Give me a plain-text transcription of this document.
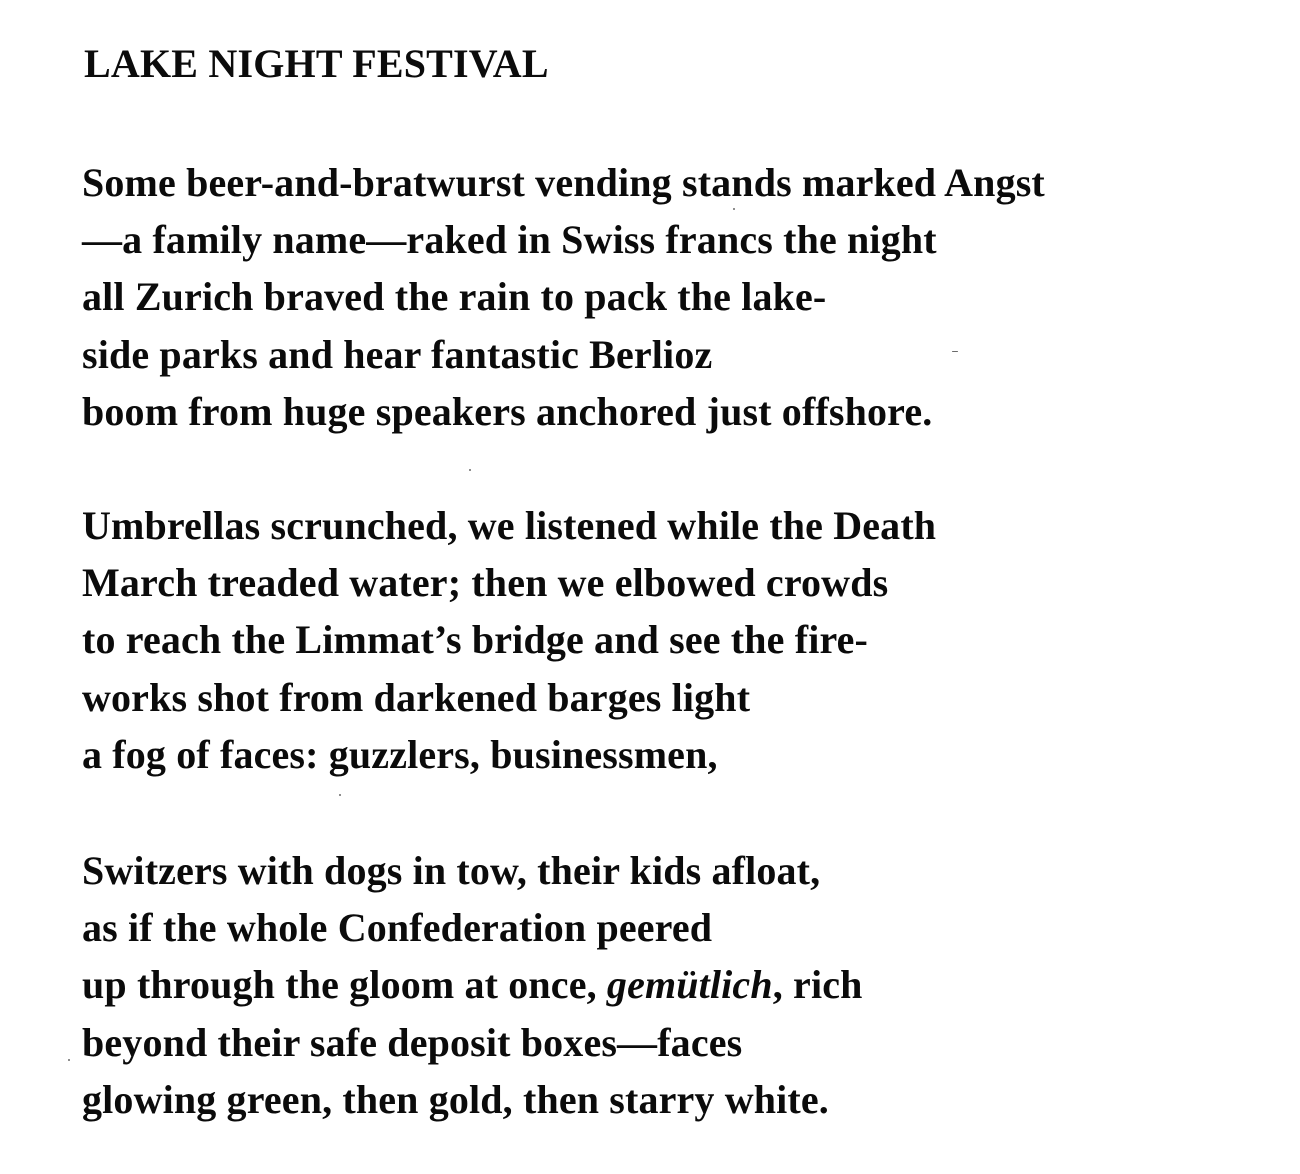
LAKE NIGHT FESTIVAL
Some beer-and-bratwurst vending stands marked Angst
—a family name—raked in Swiss francs the night
all Zurich braved the rain to pack the lake-
side parks and hear fantastic Berlioz
boom from huge speakers anchored just offshore.
Umbrellas scrunched, we listened while the Death
March treaded water; then we elbowed crowds
to reach the Limmat’s bridge and see the fire-
works shot from darkened barges light
a fog of faces: guzzlers, businessmen,
Switzers with dogs in tow, their kids afloat,
as if the whole Confederation peered
up through the gloom at once, gemütlich, rich
beyond their safe deposit boxes—faces
glowing green, then gold, then starry white.
